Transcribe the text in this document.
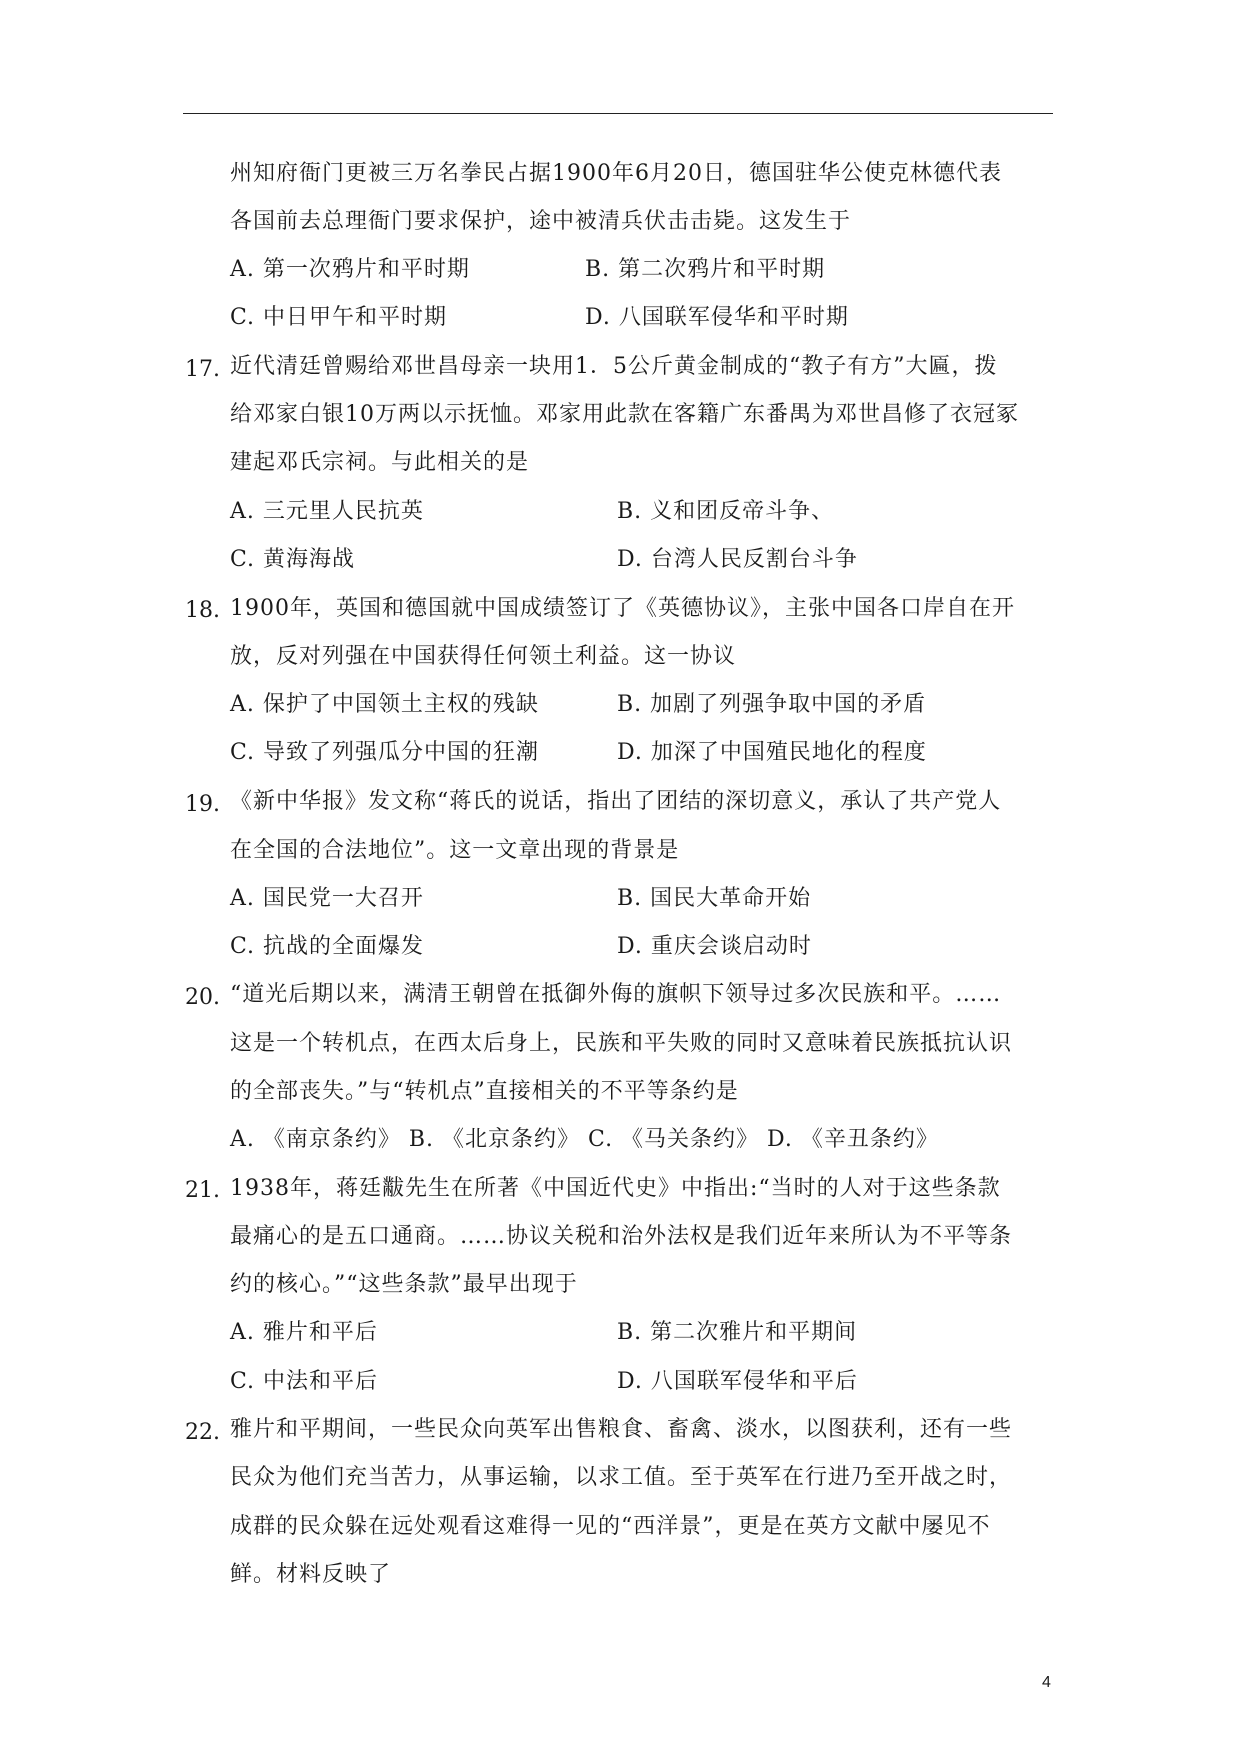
州知府衙门更被三万名拳民占据1900年6月20日，德国驻华公使克林德代表
各国前去总理衙门要求保护，途中被清兵伏击击毙。这发生于
A. 第一次鸦片和平时期	B. 第二次鸦片和平时期
C. 中日甲午和平时期	D. 八国联军侵华和平时期
17. 近代清廷曾赐给邓世昌母亲一块用1．5公斤黄金制成的“教子有方”大匾，拨
给邓家白银10万两以示抚恤。邓家用此款在客籍广东番禺为邓世昌修了衣冠冢
建起邓氏宗祠。与此相关的是
A. 三元里人民抗英	B. 义和团反帝斗争、
C. 黄海海战	D. 台湾人民反割台斗争
18. 1900年，英国和德国就中国成绩签订了《英德协议》，主张中国各口岸自在开
放，反对列强在中国获得任何领土利益。这一协议
A. 保护了中国领土主权的残缺	B. 加剧了列强争取中国的矛盾
C. 导致了列强瓜分中国的狂潮	D. 加深了中国殖民地化的程度
19. 《新中华报》发文称“蒋氏的说话，指出了团结的深切意义，承认了共产党人
在全国的合法地位”。这一文章出现的背景是
A. 国民党一大召开	B. 国民大革命开始
C. 抗战的全面爆发	D. 重庆会谈启动时
20. “道光后期以来，满清王朝曾在抵御外侮的旗帜下领导过多次民族和平。……
这是一个转机点，在西太后身上，民族和平失败的同时又意味着民族抵抗认识
的全部丧失。”与“转机点”直接相关的不平等条约是
A. 《南京条约》 B. 《北京条约》 C. 《马关条约》 D. 《辛丑条约》
21. 1938年，蒋廷黻先生在所著《中国近代史》中指出:“当时的人对于这些条款
最痛心的是五口通商。……协议关税和治外法权是我们近年来所认为不平等条
约的核心。”“这些条款”最早出现于
A. 雅片和平后	B. 第二次雅片和平期间
C. 中法和平后	D. 八国联军侵华和平后
22. 雅片和平期间，一些民众向英军出售粮食、畜禽、淡水，以图获利，还有一些
民众为他们充当苦力，从事运输，以求工值。至于英军在行进乃至开战之时，
成群的民众躲在远处观看这难得一见的“西洋景”，更是在英方文献中屡见不
鲜。材料反映了
4
